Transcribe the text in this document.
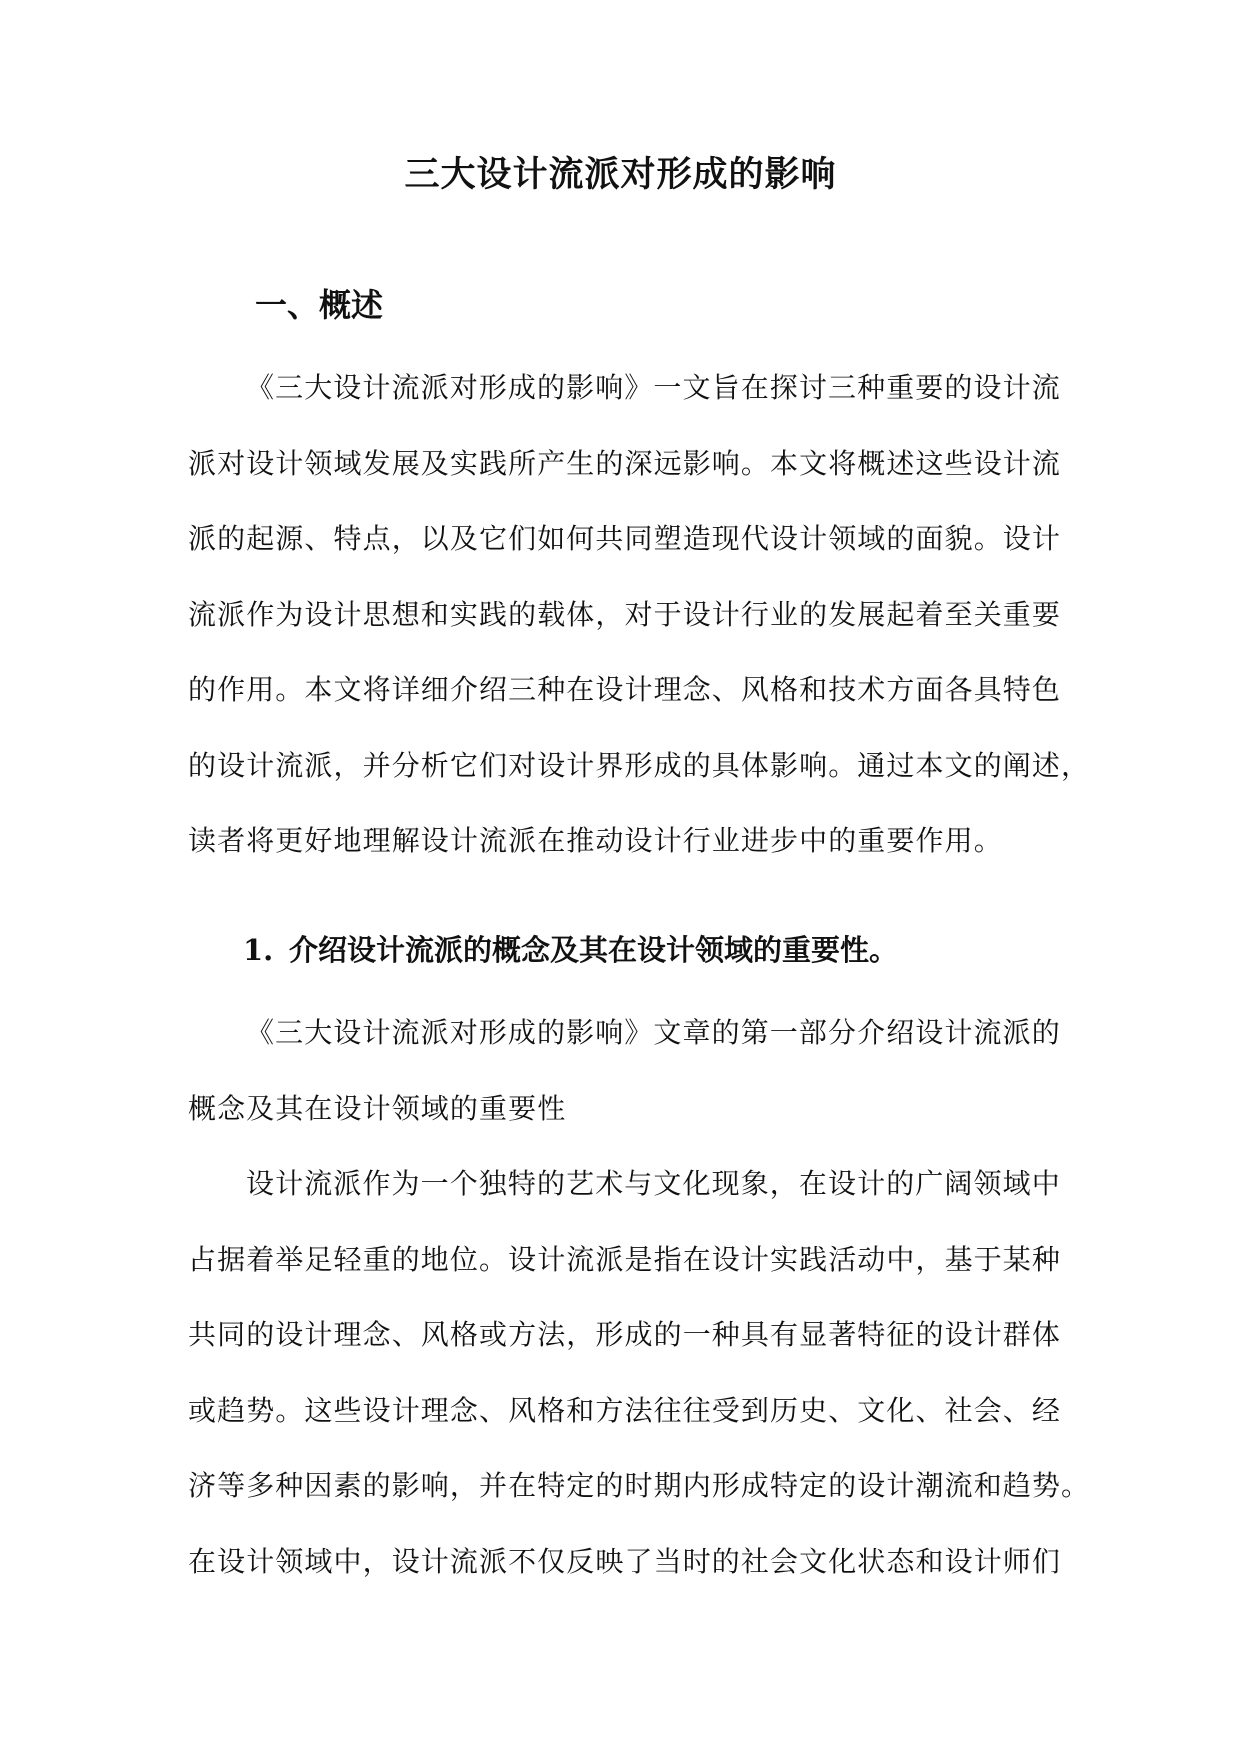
三大设计流派对形成的影响
一、概述
《三大设计流派对形成的影响》一文旨在探讨三种重要的设计流
派对设计领域发展及实践所产生的深远影响。本文将概述这些设计流
派的起源、特点，以及它们如何共同塑造现代设计领域的面貌。设计
流派作为设计思想和实践的载体，对于设计行业的发展起着至关重要
的作用。本文将详细介绍三种在设计理念、风格和技术方面各具特色
的设计流派，并分析它们对设计界形成的具体影响。通过本文的阐述，
读者将更好地理解设计流派在推动设计行业进步中的重要作用。
1. 介绍设计流派的概念及其在设计领域的重要性。
《三大设计流派对形成的影响》文章的第一部分介绍设计流派的
概念及其在设计领域的重要性
设计流派作为一个独特的艺术与文化现象，在设计的广阔领域中
占据着举足轻重的地位。设计流派是指在设计实践活动中，基于某种
共同的设计理念、风格或方法，形成的一种具有显著特征的设计群体
或趋势。这些设计理念、风格和方法往往受到历史、文化、社会、经
济等多种因素的影响，并在特定的时期内形成特定的设计潮流和趋势。
在设计领域中，设计流派不仅反映了当时的社会文化状态和设计师们
